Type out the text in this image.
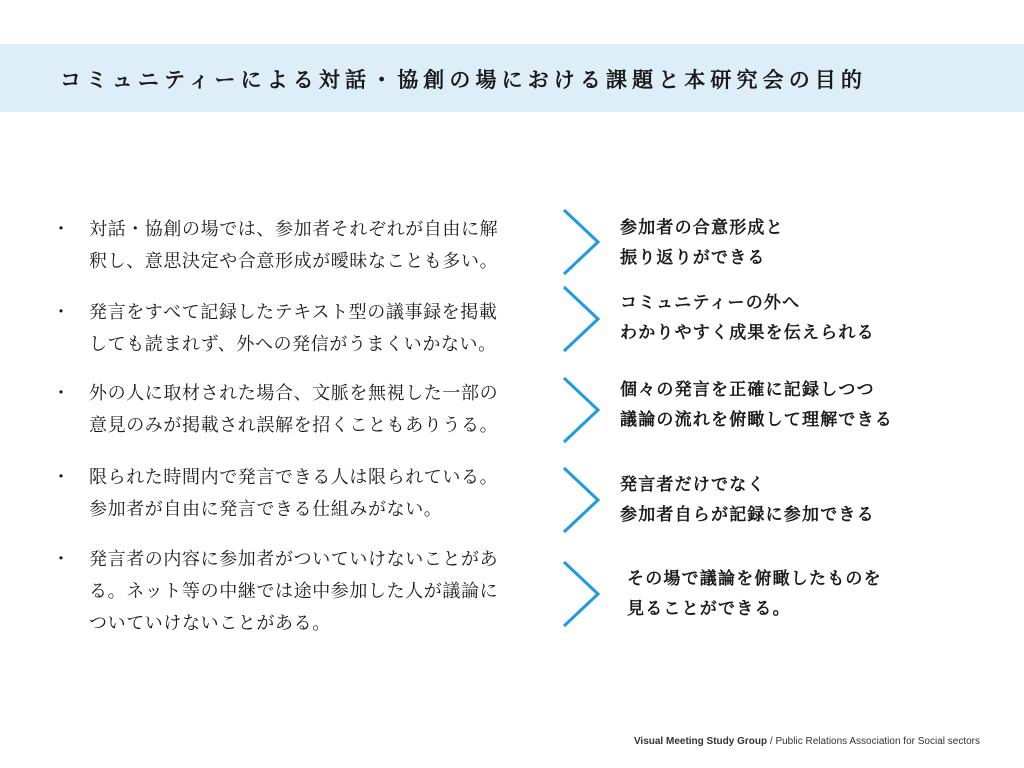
コミュニティーによる対話・協創の場における課題と本研究会の目的
・ 対話・協創の場では、参加者それぞれが自由に解
釈し、意思決定や合意形成が曖昧なことも多い。
参加者の合意形成と
振り返りができる
・ 発言をすべて記録したテキスト型の議事録を掲載
しても読まれず、外への発信がうまくいかない。
コミュニティーの外へ
わかりやすく成果を伝えられる
・ 外の人に取材された場合、文脈を無視した一部の
意見のみが掲載され誤解を招くこともありうる。
個々の発言を正確に記録しつつ
議論の流れを俯瞰して理解できる
・ 限られた時間内で発言できる人は限られている。
参加者が自由に発言できる仕組みがない。
発言者だけでなく
参加者自らが記録に参加できる
・ 発言者の内容に参加者がついていけないことがあ
る。ネット等の中継では途中参加した人が議論に
ついていけないことがある。
その場で議論を俯瞰したものを
見ることができる。
Visual Meeting Study Group / Public Relations Association for Social sectors
